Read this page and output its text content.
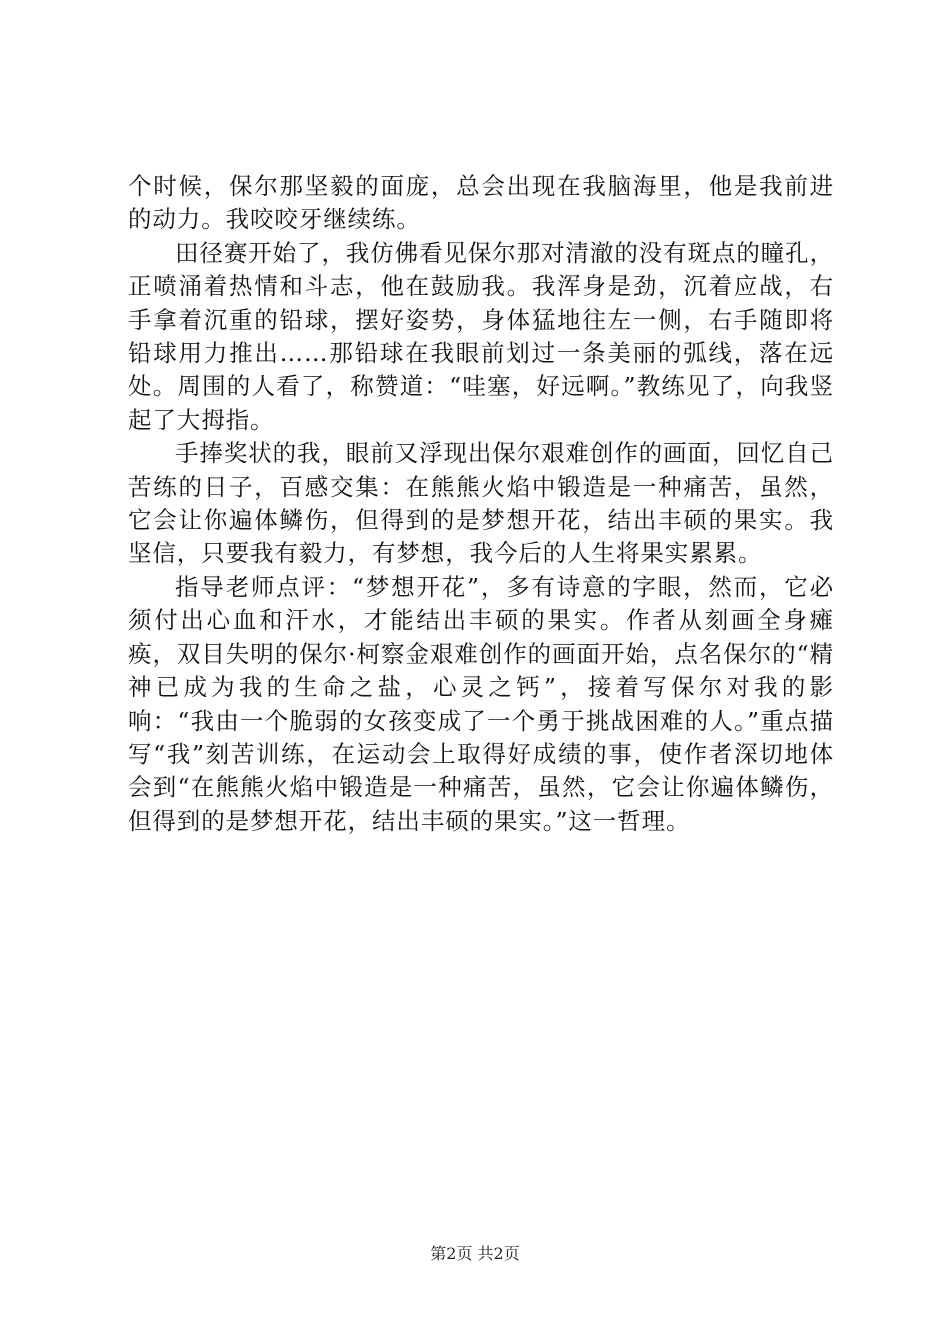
个时候，保尔那坚毅的面庞，总会出现在我脑海里，他是我前进的动力。我咬咬牙继续练。

田径赛开始了，我仿佛看见保尔那对清澈的没有斑点的瞳孔，正喷涌着热情和斗志，他在鼓励我。我浑身是劲，沉着应战，右手拿着沉重的铅球，摆好姿势，身体猛地往左一侧，右手随即将铅球用力推出……那铅球在我眼前划过一条美丽的弧线，落在远处。周围的人看了，称赞道：“哇塞，好远啊。”教练见了，向我竖起了大拇指。

手捧奖状的我，眼前又浮现出保尔艰难创作的画面，回忆自己苦练的日子，百感交集：在熊熊火焰中锻造是一种痛苦，虽然，它会让你遍体鳞伤，但得到的是梦想开花，结出丰硕的果实。我坚信，只要我有毅力，有梦想，我今后的人生将果实累累。

指导老师点评：“梦想开花”，多有诗意的字眼，然而，它必须付出心血和汗水，才能结出丰硕的果实。作者从刻画全身瘫痪，双目失明的保尔·柯察金艰难创作的画面开始，点名保尔的“精神已成为我的生命之盐，心灵之钙”，接着写保尔对我的影响：“我由一个脆弱的女孩变成了一个勇于挑战困难的人。”重点描写“我”刻苦训练，在运动会上取得好成绩的事，使作者深切地体会到“在熊熊火焰中锻造是一种痛苦，虽然，它会让你遍体鳞伤，但得到的是梦想开花，结出丰硕的果实。”这一哲理。

第2页 共2页
